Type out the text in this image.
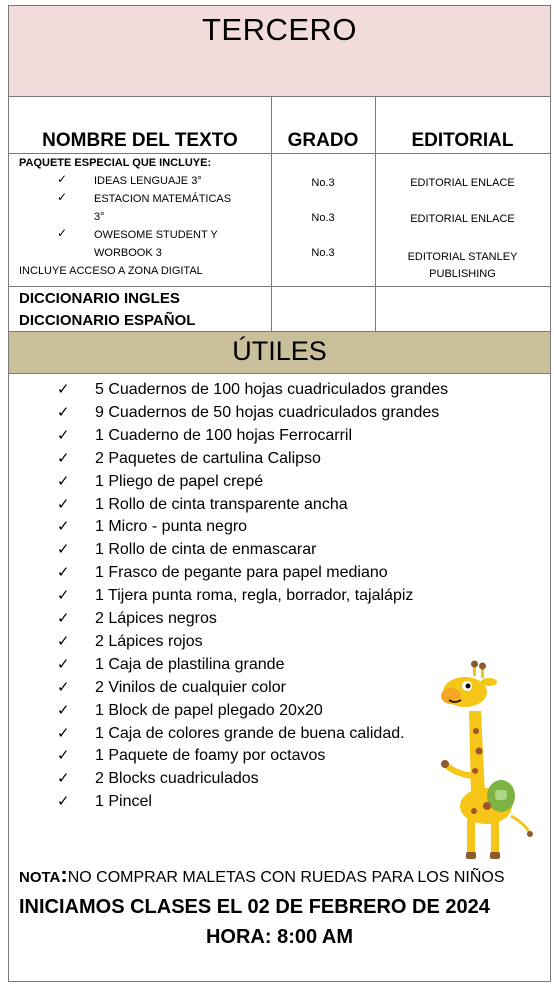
TERCERO
NOMBRE DEL TEXTO	GRADO	EDITORIAL
PAQUETE ESPECIAL QUE INCLUYE:
✓ IDEAS LENGUAJE 3°	No.3	EDITORIAL ENLACE
✓ ESTACION MATEMÁTICAS
3°	No.3	EDITORIAL ENLACE
✓ OWESOME STUDENT Y
WORBOOK 3	No.3	EDITORIAL STANLEY
PUBLISHING
INCLUYE ACCESO A ZONA DIGITAL
DICCIONARIO INGLES
DICCIONARIO ESPAÑOL
ÚTILES
✓ 5 Cuadernos de 100 hojas cuadriculados grandes
✓ 9 Cuadernos de 50 hojas cuadriculados grandes
✓ 1 Cuaderno de 100 hojas Ferrocarril
✓ 2 Paquetes de cartulina Calipso
✓ 1 Pliego de papel crepé
✓ 1 Rollo de cinta transparente ancha
✓ 1 Micro - punta negro
✓ 1 Rollo de cinta de enmascarar
✓ 1 Frasco de pegante para papel mediano
✓ 1 Tijera punta roma, regla, borrador, tajalápiz
✓ 2 Lápices negros
✓ 2 Lápices rojos
✓ 1 Caja de plastilina grande
✓ 2 Vinilos de cualquier color
✓ 1 Block de papel plegado 20x20
✓ 1 Caja de colores grande de buena calidad.
✓ 1 Paquete de foamy por octavos
✓ 2 Blocks cuadriculados
✓ 1 Pincel
NOTA:NO COMPRAR MALETAS CON RUEDAS PARA LOS NIÑOS
INICIAMOS CLASES EL 02 DE FEBRERO DE 2024
HORA: 8:00 AM
